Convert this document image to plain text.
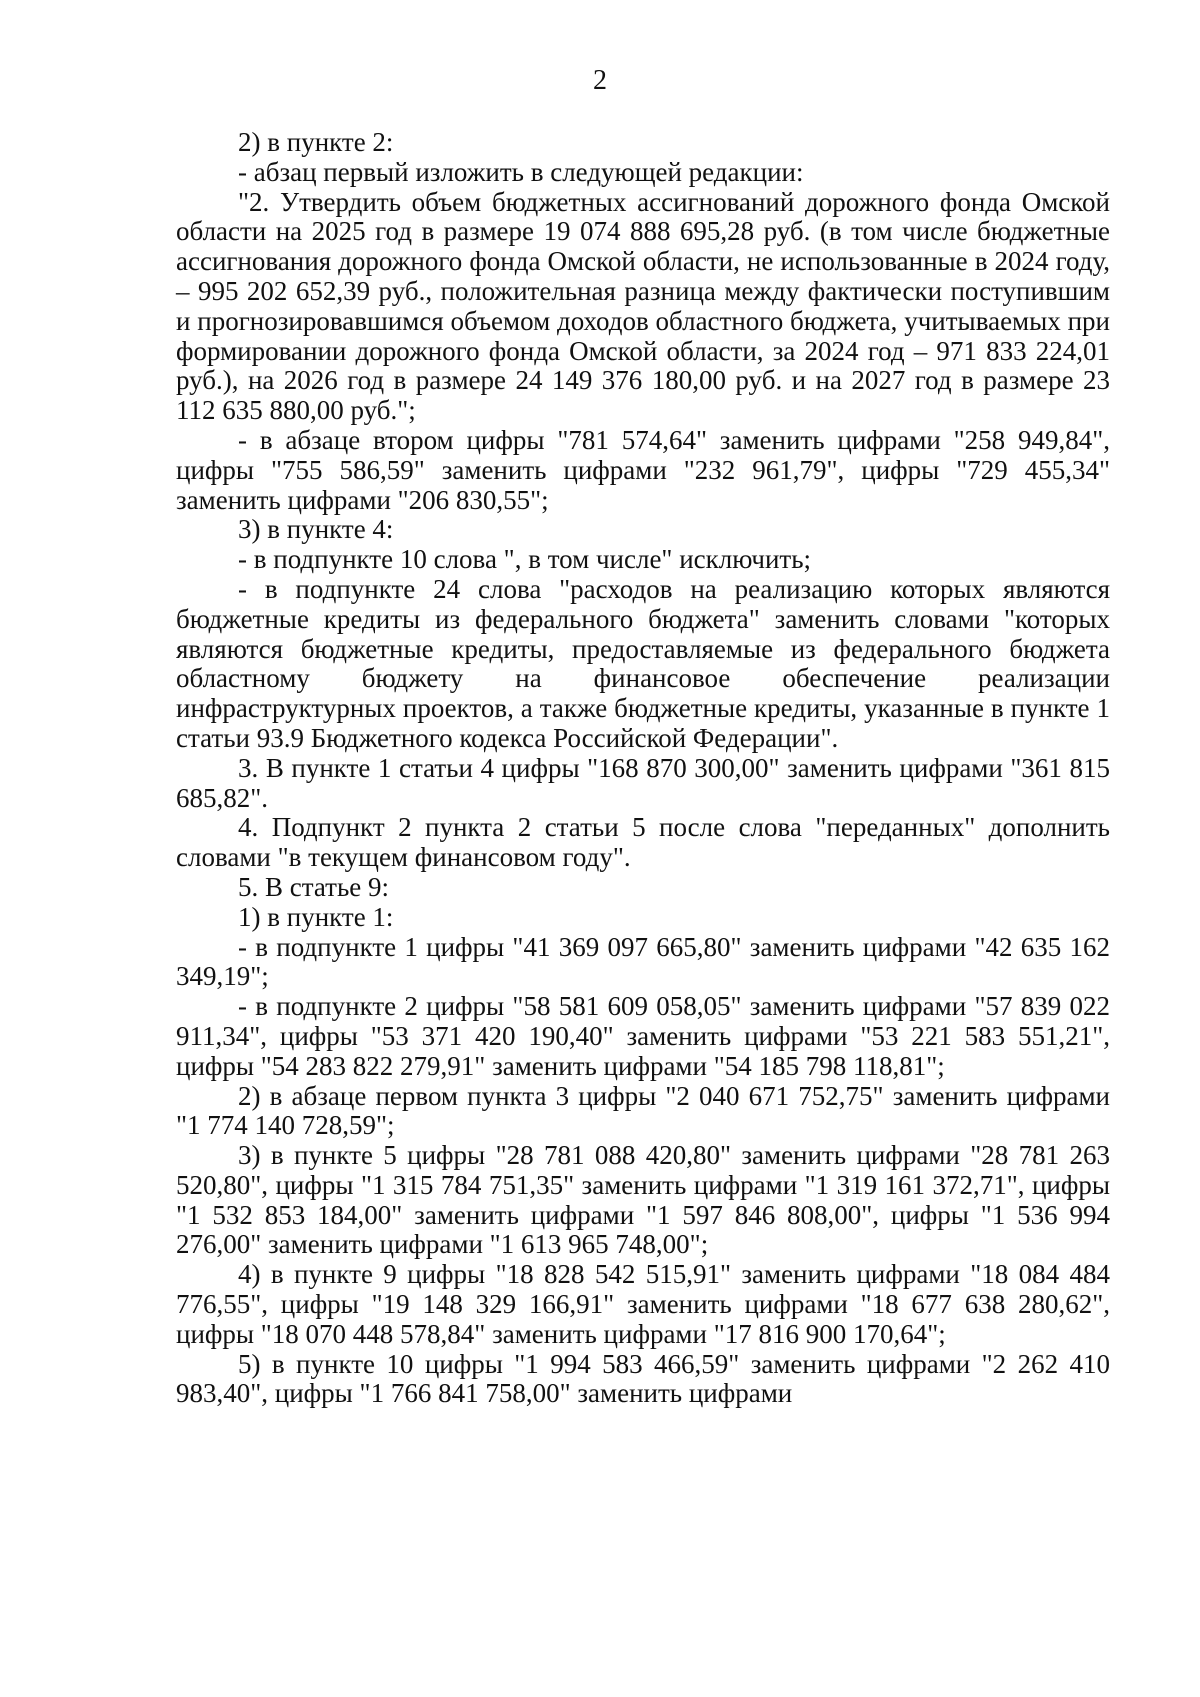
2

2) в пункте 2:

- абзац первый изложить в следующей редакции:

"2. Утвердить объем бюджетных ассигнований дорожного фонда Омской области на 2025 год в размере 19 074 888 695,28 руб. (в том числе бюджетные ассигнования дорожного фонда Омской области, не использованные в 2024 году, – 995 202 652,39 руб., положительная разница между фактически поступившим и прогнозировавшимся объемом доходов областного бюджета, учитываемых при формировании дорожного фонда Омской области, за 2024 год – 971 833 224,01 руб.), на 2026 год в размере 24 149 376 180,00 руб. и на 2027 год в размере 23 112 635 880,00 руб.";

- в абзаце втором цифры "781 574,64" заменить цифрами "258 949,84", цифры "755 586,59" заменить цифрами "232 961,79", цифры "729 455,34" заменить цифрами "206 830,55";

3) в пункте 4:

- в подпункте 10 слова ", в том числе" исключить;

- в подпункте 24 слова "расходов на реализацию которых являются бюджетные кредиты из федерального бюджета" заменить словами "которых являются бюджетные кредиты, предоставляемые из федерального бюджета областному бюджету на финансовое обеспечение реализации инфраструктурных проектов, а также бюджетные кредиты, указанные в пункте 1 статьи 93.9 Бюджетного кодекса Российской Федерации".

3. В пункте 1 статьи 4 цифры "168 870 300,00" заменить цифрами "361 815 685,82".

4. Подпункт 2 пункта 2 статьи 5 после слова "переданных" дополнить словами "в текущем финансовом году".

5. В статье 9:

1) в пункте 1:

- в подпункте 1 цифры "41 369 097 665,80" заменить цифрами "42 635 162 349,19";

- в подпункте 2 цифры "58 581 609 058,05" заменить цифрами "57 839 022 911,34", цифры "53 371 420 190,40" заменить цифрами "53 221 583 551,21", цифры "54 283 822 279,91" заменить цифрами "54 185 798 118,81";

2) в абзаце первом пункта 3 цифры "2 040 671 752,75" заменить цифрами "1 774 140 728,59";

3) в пункте 5 цифры "28 781 088 420,80" заменить цифрами "28 781 263 520,80", цифры "1 315 784 751,35" заменить цифрами "1 319 161 372,71", цифры "1 532 853 184,00" заменить цифрами "1 597 846 808,00", цифры "1 536 994 276,00" заменить цифрами "1 613 965 748,00";

4) в пункте 9 цифры "18 828 542 515,91" заменить цифрами "18 084 484 776,55", цифры "19 148 329 166,91" заменить цифрами "18 677 638 280,62", цифры "18 070 448 578,84" заменить цифрами "17 816 900 170,64";

5) в пункте 10 цифры "1 994 583 466,59" заменить цифрами "2 262 410 983,40", цифры "1 766 841 758,00" заменить цифрами
